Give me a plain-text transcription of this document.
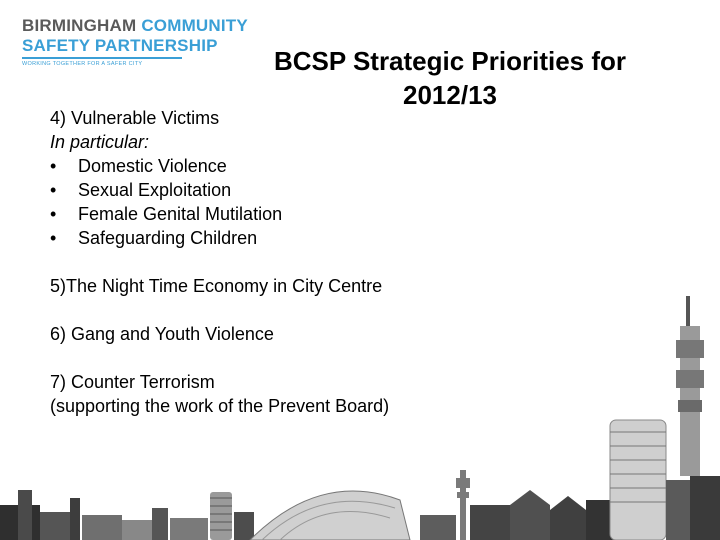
BIRMINGHAM COMMUNITY
SAFETY PARTNERSHIP
WORKING TOGETHER FOR A SAFER CITY	BCSP Strategic Priorities for
2012/13

4) Vulnerable Victims

In particular:

•	Domestic Violence
•	Sexual Exploitation
•	Female Genital Mutilation
•	Safeguarding Children

5)The Night Time Economy in City Centre

6) Gang and Youth Violence

7) Counter Terrorism

(supporting the work of the Prevent Board)
